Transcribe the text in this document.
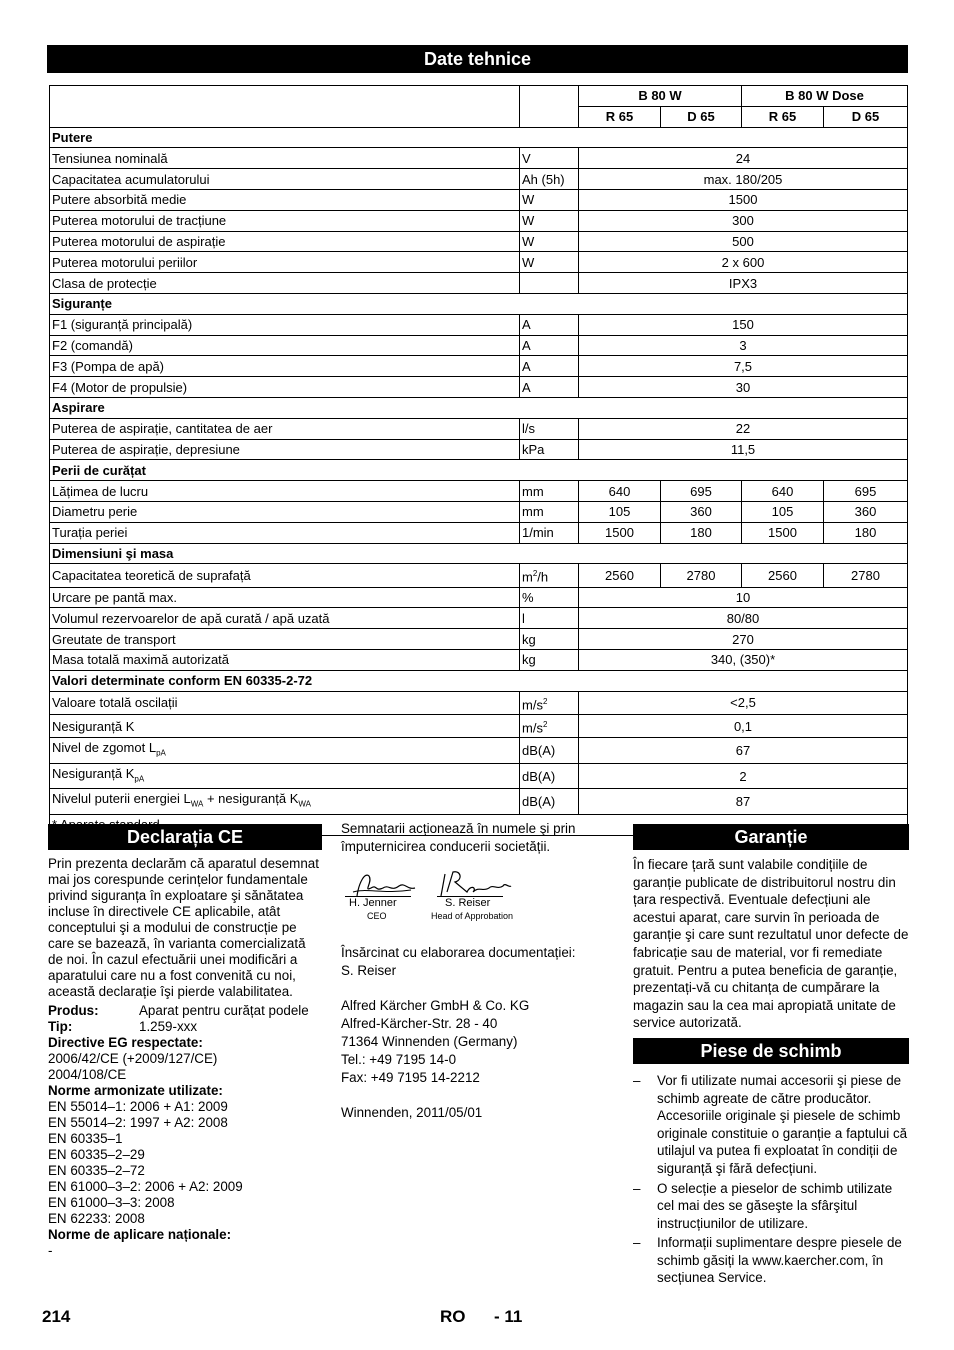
Date tehnice
		B 80 W		B 80 W Dose	
		R 65	D 65	R 65	D 65
Putere					
Tensiunea nominală	V	24			
Capacitatea acumulatorului	Ah (5h)	max. 180/205			
Putere absorbită medie	W	1500			
Puterea motorului de tracțiune	W	300			
Puterea motorului de aspirație	W	500			
Puterea motorului periilor	W	2 x 600			
Clasa de protecție		IPX3			
Siguranțe					
F1 (siguranță principală)	A	150			
F2 (comandă)	A	3			
F3 (Pompa de apă)	A	7,5			
F4 (Motor de propulsie)	A	30			
Aspirare					
Puterea de aspirație, cantitatea de aer	l/s	22			
Puterea de aspirație, depresiune	kPa	11,5			
Perii de curățat					
Lățimea de lucru	mm	640	695	640	695
Diametru perie	mm	105	360	105	360
Turația periei	1/min	1500	180	1500	180
Dimensiuni şi masa					
Capacitatea teoretică de suprafață	$m^2/h$	2560	2780	2560	2780
Urcare pe pantă max.	%	10			
Volumul rezervoarelor de apă curată / apă uzată	l	80/80			
Greutate de transport	kg	270			
Masa totală maximă autorizată	kg	340, (350)*			
Valori determinate conform EN 60335-2-72					
Valoare totală oscilații	$m/s^2$	<2,5			
Nesiguranță K	$m/s^2$	0,1			
Nivel de zgomot $L_{pA}$	dB(A)	67			
Nesiguranță $K_{pA}$	dB(A)	2			
Nivelul puterii energiei $L_{WA}$ + nesiguranță $K_{WA}$	dB(A)	87			

Declarația CE

Prin prezenta declarăm că aparatul desemnat mai jos corespunde cerințelor fundamentale privind siguranța în exploatare şi sănătatea incluse în directivele CE aplicabile, atât conceptului şi a modului de construcție pe care se bazează, în varianta comercializată de noi. În cazul efectuării unei modificări a aparatului care nu a fost convenită cu noi, această declarație îşi pierde valabilitatea.

Produs:	Aparat pentru curățat podele
Tip:	1.259-xxx

Directive EG respectate:

2006/42/CE (+2009/127/CE)

2004/108/CE

Norme armonizate utilizate:

EN 55014–1: 2006 + A1: 2009

EN 55014–2: 1997 + A2: 2008

EN 60335–1

EN 60335–2–29

EN 60335–2–72

EN 61000–3–2: 2006 + A2: 2009

EN 61000–3–3: 2008

EN 62233: 2008

Norme de aplicare naționale:

-

Semnatarii acționează în numele şi prin împuternicirea conducerii societății.

H. Jenner
CEO
S. Reiser
Head of Approbation

Însărcinat cu elaborarea documentației:

S. Reiser

Alfred Kärcher GmbH & Co. KG

Alfred-Kärcher-Str. 28 - 40

71364 Winnenden (Germany)

Tel.: +49 7195 14-0

Fax: +49 7195 14-2212

Winnenden, 2011/05/01

Garanție

În fiecare țară sunt valabile condițiile de garanție publicate de distribuitorul nostru din țara respectivă. Eventuale defecțiuni ale acestui aparat, care survin în perioada de garanție şi care sunt rezultatul unor defecte de fabricație sau de material, vor fi remediate gratuit. Pentru a putea beneficia de garanție, prezentați-vă cu chitanța de cumpărare la magazin sau la cea mai apropiată unitate de service autorizată.

Piese de schimb
– Vor fi utilizate numai accesorii şi piese de schimb agreate de către producător. Accesoriile originale şi piesele de schimb originale constituie o garanție a faptului că utilajul va putea fi exploatat în condiții de siguranță şi fără defecțiuni.
– O selecție a pieselor de schimb utilizate cel mai des se găseşte la sfârşitul instrucțiunilor de utilizare.
– Informații suplimentare despre piesele de schimb găsiți la www.kaercher.com, în secțiunea Service.
214	RO - 11
